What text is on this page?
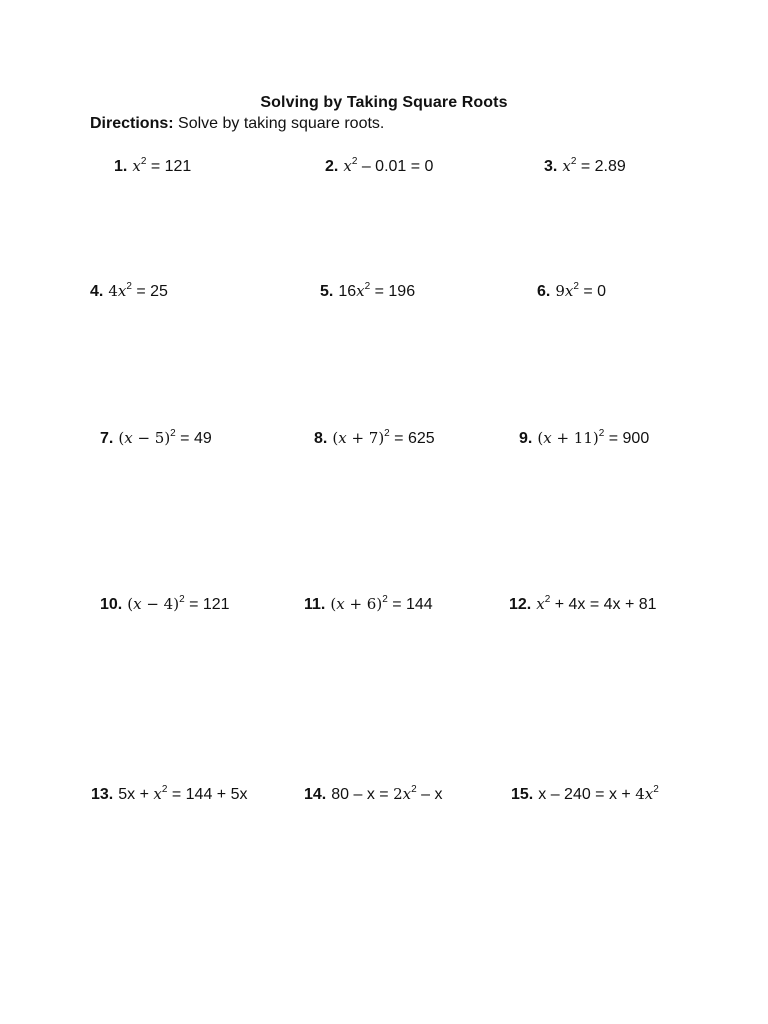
Solving by Taking Square Roots
Directions: Solve by taking square roots.
1. $x^2 = 121$	2. $x^2 - 0.01 = 0$	3. $x^2 = 2.89$
4. $4x^2 = 25$	5. $16x^2 = 196$	6. $9x^2 = 0$
7. $(x - 5)^2 = 49$	8. $(x + 7)^2 = 625$	9. $(x + 11)^2 = 900$
10. $(x - 4)^2 = 121$	11. $(x + 6)^2 = 144$	12. $x^2 + 4x = 4x + 81$
13. $5x + x^2 = 144 + 5x$	14. $80 - x = 2x^2 - x$	15. $x - 240 = x + 4x^2$
